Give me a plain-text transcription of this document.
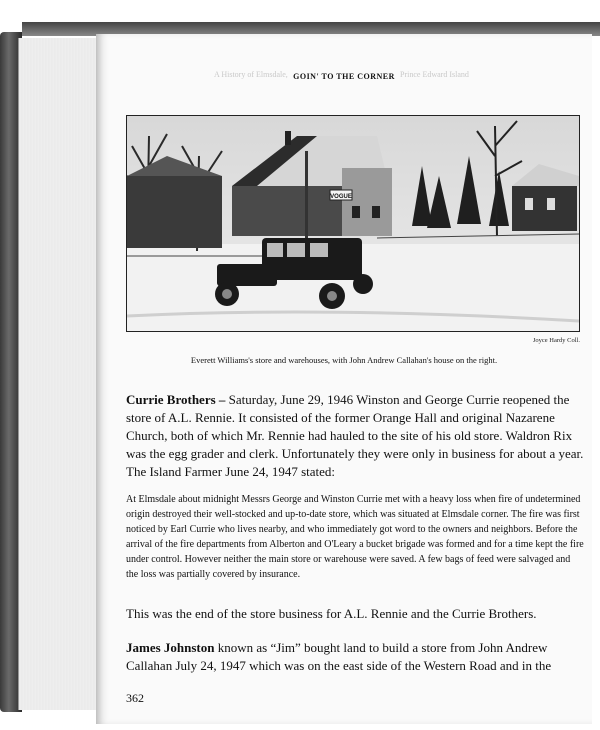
A History of Elmsdale,	Prince Edward Island
GOIN' TO THE CORNER
VOGUE
Joyce Hardy Coll.
Everett Williams's store and warehouses, with John Andrew Callahan's house on the right.
Currie Brothers – Saturday, June 29, 1946 Winston and George Currie reopened the store of A.L. Rennie. It consisted of the former Orange Hall and original Nazarene Church, both of which Mr. Rennie had hauled to the site of his old store. Waldron Rix was the egg grader and clerk. Unfortunately they were only in business for about a year. The Island Farmer June 24, 1947 stated:
At Elmsdale about midnight Messrs George and Winston Currie met with a heavy loss when fire of undetermined origin destroyed their well-stocked and up-to-date store, which was situated at Elmsdale corner. The fire was first noticed by Earl Currie who lives nearby, and who immediately got word to the owners and neighbors. Before the arrival of the fire departments from Alberton and O'Leary a bucket brigade was formed and for a time kept the fire under control. However neither the main store or warehouse were saved. A few bags of feed were salvaged and the loss was partially covered by insurance.
This was the end of the store business for A.L. Rennie and the Currie Brothers.
James Johnston known as “Jim” bought land to build a store from John Andrew Callahan July 24, 1947 which was on the east side of the Western Road and in the
362
